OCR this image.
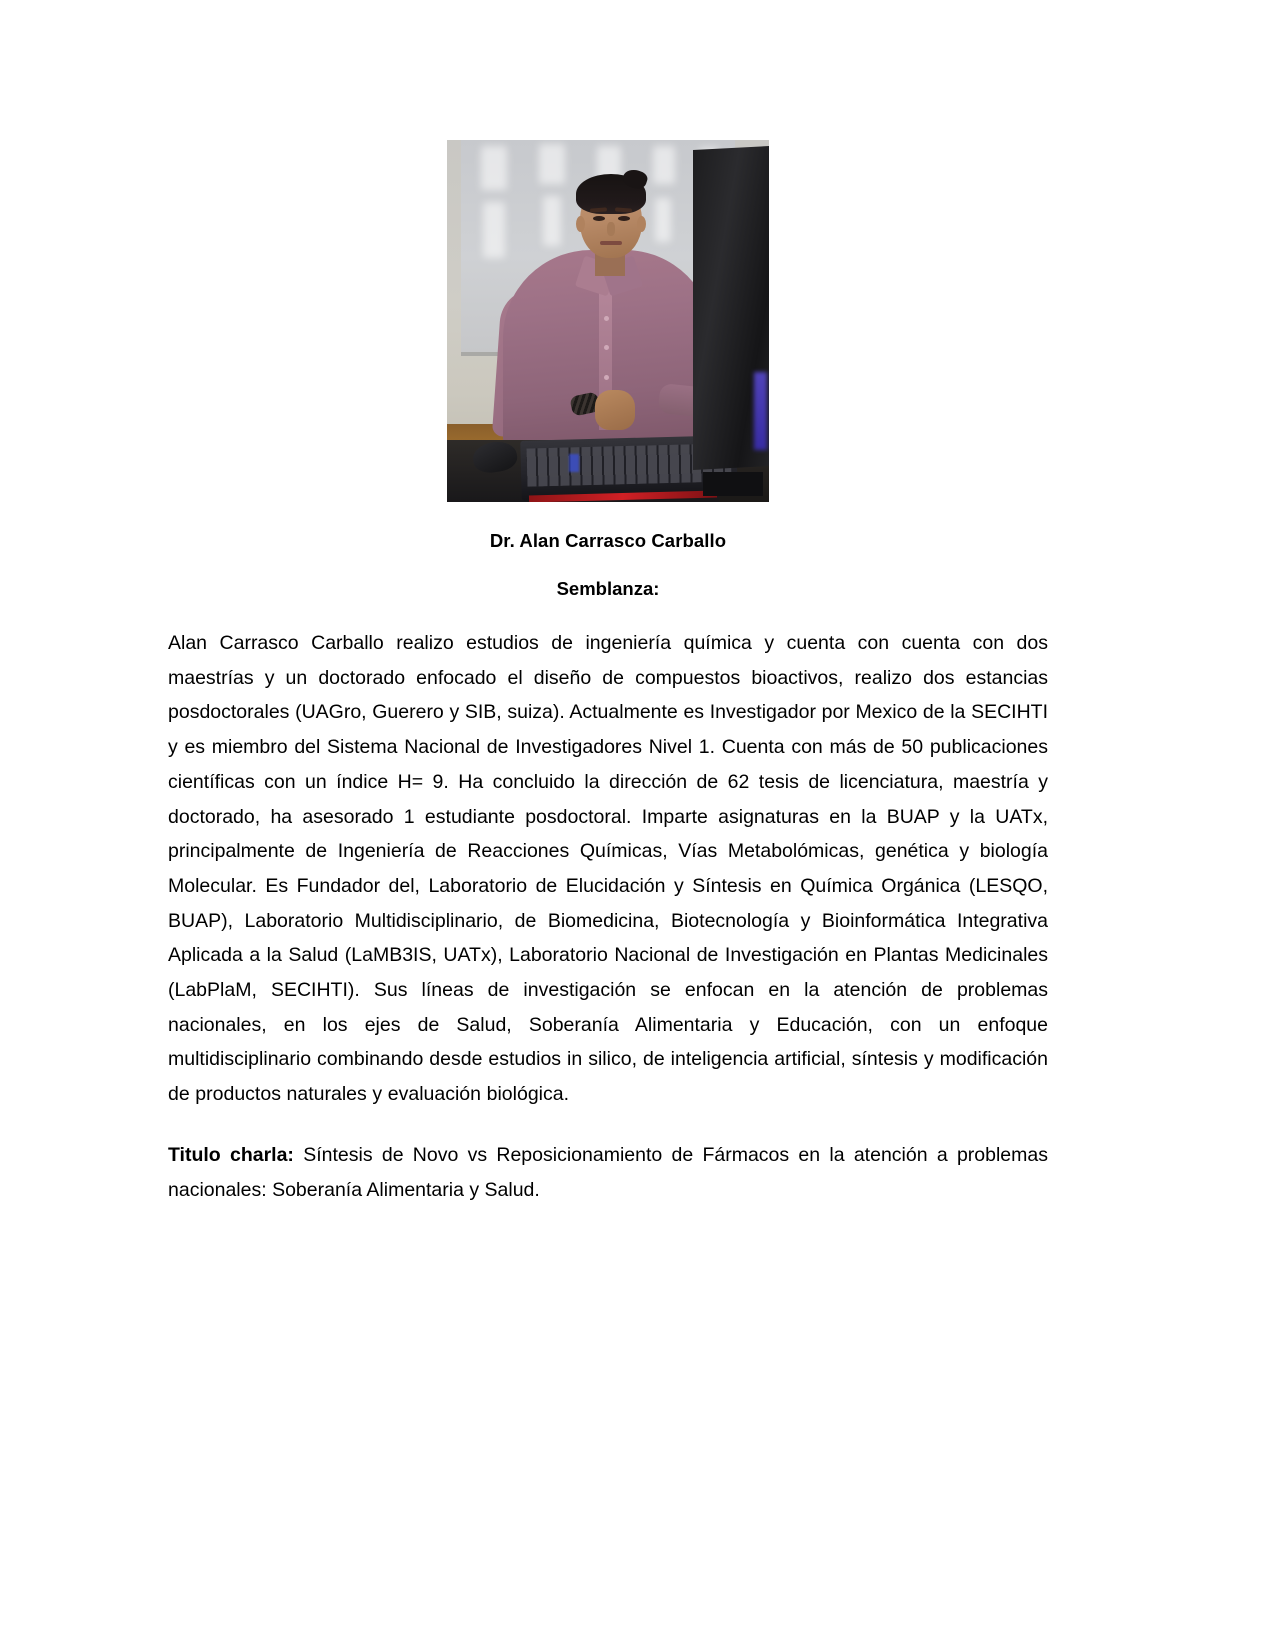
Dr. Alan Carrasco Carballo
Semblanza:

Alan Carrasco Carballo realizo estudios de ingeniería química y cuenta con cuenta con dos maestrías y un doctorado enfocado el diseño de compuestos bioactivos, realizo dos estancias posdoctorales (UAGro, Guerero y SIB, suiza). Actualmente es Investigador por Mexico de la SECIHTI y es miembro del Sistema Nacional de Investigadores Nivel 1. Cuenta con más de 50 publicaciones científicas con un índice H= 9. Ha concluido la dirección de 62 tesis de licenciatura, maestría y doctorado, ha asesorado 1 estudiante posdoctoral. Imparte asignaturas en la BUAP y la UATx, principalmente de Ingeniería de Reacciones Químicas, Vías Metabolómicas, genética y biología Molecular. Es Fundador del, Laboratorio de Elucidación y Síntesis en Química Orgánica (LESQO, BUAP), Laboratorio Multidisciplinario, de Biomedicina, Biotecnología y Bioinformática Integrativa Aplicada a la Salud (LaMB3IS, UATx), Laboratorio Nacional de Investigación en Plantas Medicinales (LabPlaM, SECIHTI). Sus líneas de investigación se enfocan en la atención de problemas nacionales, en los ejes de Salud, Soberanía Alimentaria y Educación, con un enfoque multidisciplinario combinando desde estudios in silico, de inteligencia artificial, síntesis y modificación de productos naturales y evaluación biológica.

Titulo charla: Síntesis de Novo vs Reposicionamiento de Fármacos en la atención a problemas nacionales: Soberanía Alimentaria y Salud.
